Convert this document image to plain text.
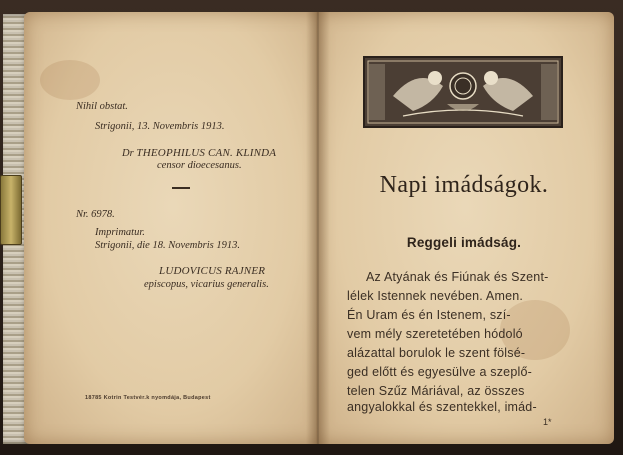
Nihil obstat.
Strigonii, 13. Novembris 1913.
Dr THEOPHILUS CAN. KLINDA
censor dioecesanus.
Nr. 6978.
Imprimatur.
Strigonii, die 18. Novembris 1913.
LUDOVICUS RAJNER
episcopus, vicarius generalis.
18785 Kotrin Testvér.k nyomdája, Budapest
Napi imádságok.
Reggeli imádság.
Az Atyának és Fiúnak és Szent-
lélek Istennek nevében. Amen.
Én Uram és én Istenem, szí-
vem mély szeretetében hódoló
alázattal borulok le szent fölsé-
ged előtt és egyesülve a szeplő-
telen Szűz Máriával, az összes
angyalokkal és szentekkel, imád-
1*
